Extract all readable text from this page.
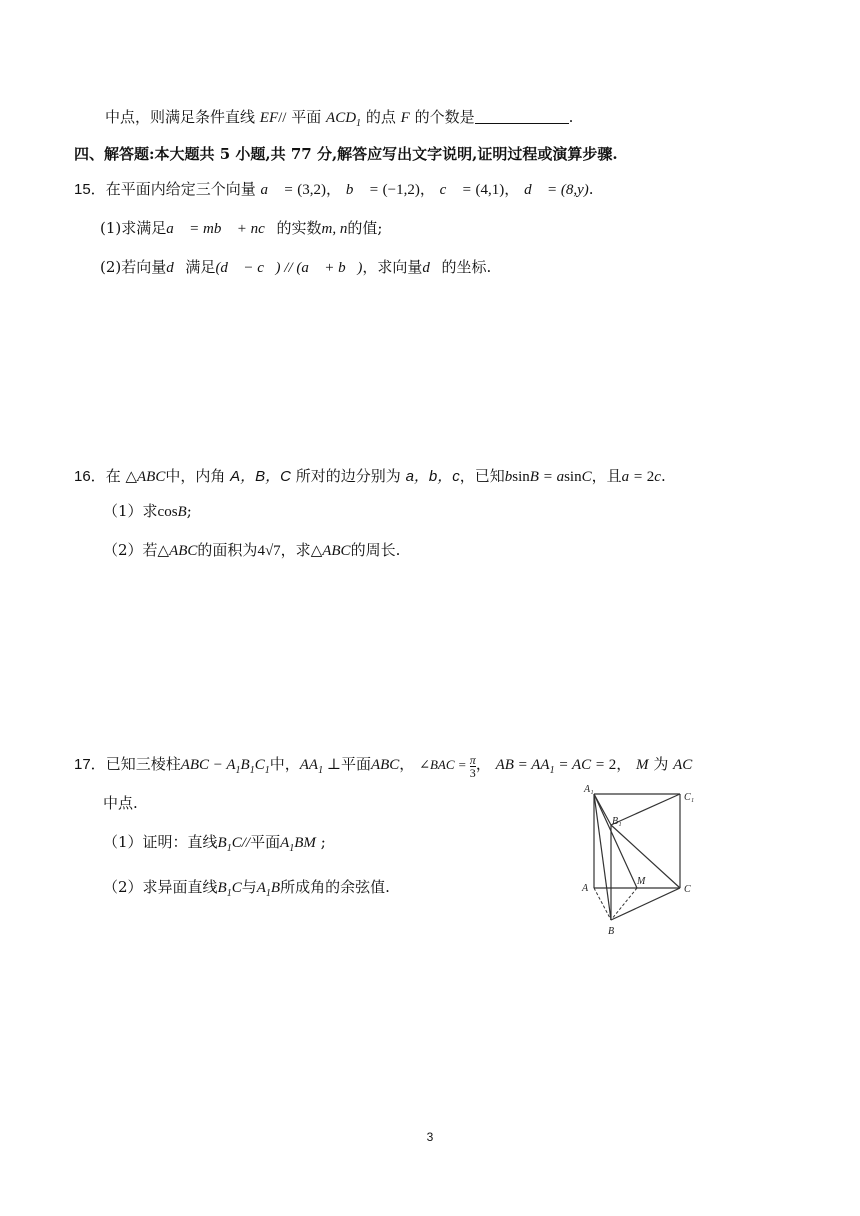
中点，则满足条件直线 EF// 平面 $ACD_1$ 的点 F 的个数是	.
四、解答题:本大题共 5 小题,共 77 分,解答应写出文字说明,证明过程或演算步骤.
15．在平面内给定三个向量 a⃗ = (3,2)， b⃗ = (−1,2)， c⃗ = (4,1)， d⃗ = (8,y).
(1)求满足a⃗ = mb⃗ + nc⃗的实数m, n的值;
(2)若向量d⃗满足(d⃗ − c⃗) // (a⃗ + b⃗)，求向量d⃗的坐标.
16．在 △ABC中，内角 A，B，C 所对的边分别为 a，b，c，已知bsinB = asinC，且a = 2c.
（1）求cosB;
（2）若△ABC的面积为4√7，求△ABC的周长.
17．已知三棱柱ABC − $A_1B_1C_1$中，$AA_1$ ⊥平面ABC， ∠BAC = $\frac{\pi}{3}$ ， AB = $AA_1$ = AC = 2， M 为 AC
中点.
（1）证明：直线$B_1C//$平面$A_1BM$ ;
（2）求异面直线$B_1C$与$A_1B$所成角的余弦值.
A₁
C₁
B₁
A
M
C
B
3
